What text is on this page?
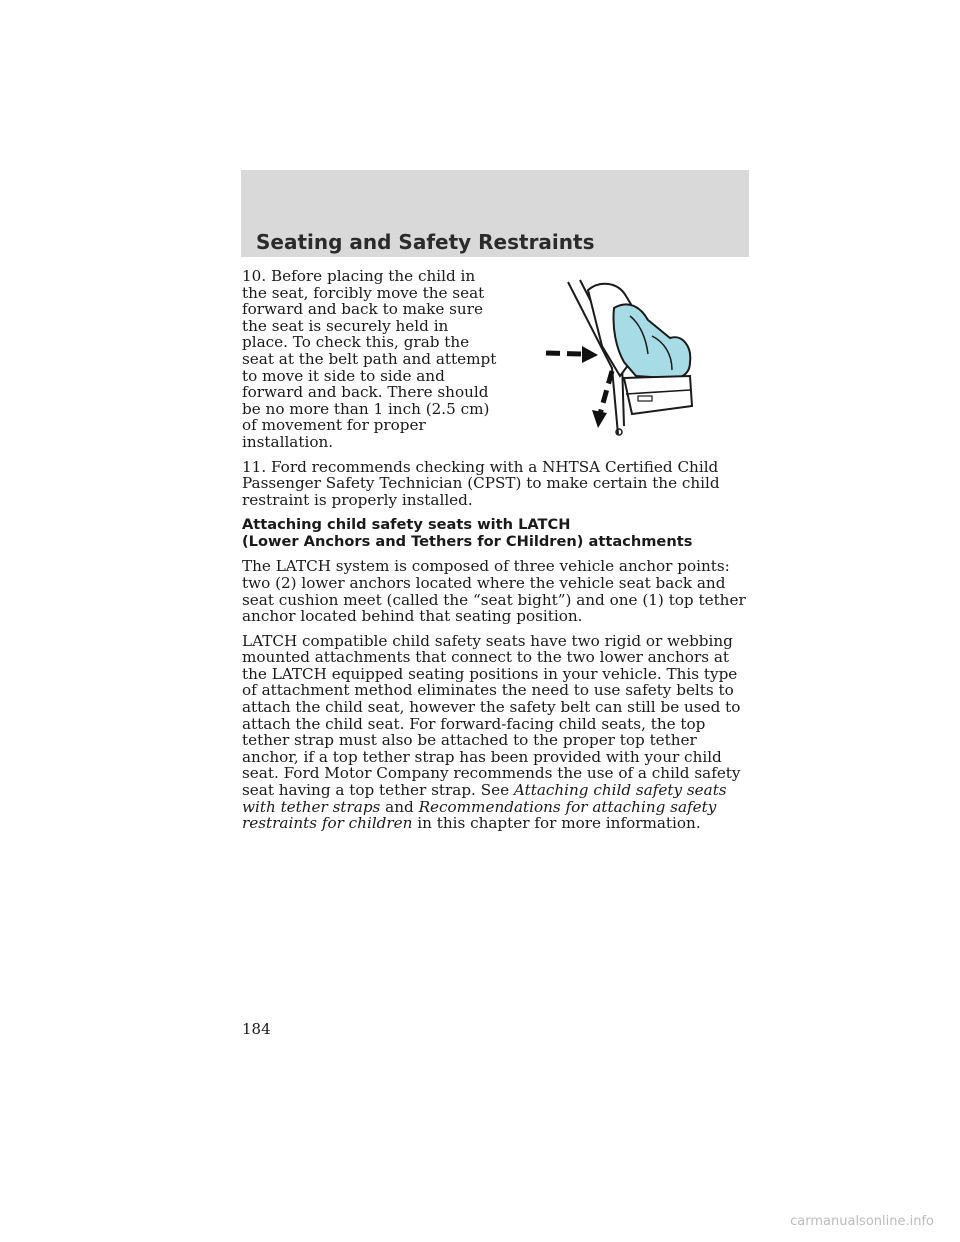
Seating and Safety Restraints

10. Before placing the child in the seat, forcibly move the seat forward and back to make sure the seat is securely held in place. To check this, grab the seat at the belt path and attempt to move it side to side and forward and back. There should be no more than 1 inch (2.5 cm) of movement for proper installation.

11. Ford recommends checking with a NHTSA Certified Child Passenger Safety Technician (CPST) to make certain the child restraint is properly installed.

Attaching child safety seats with LATCH
(Lower Anchors and Tethers for CHildren) attachments

The LATCH system is composed of three vehicle anchor points: two (2) lower anchors located where the vehicle seat back and seat cushion meet (called the “seat bight”) and one (1) top tether anchor located behind that seating position.

LATCH compatible child safety seats have two rigid or webbing mounted attachments that connect to the two lower anchors at the LATCH equipped seating positions in your vehicle. This type of attachment method eliminates the need to use safety belts to attach the child seat, however the safety belt can still be used to attach the child seat. For forward-facing child seats, the top tether strap must also be attached to the proper top tether anchor, if a top tether strap has been provided with your child seat. Ford Motor Company recommends the use of a child safety seat having a top tether strap. See Attaching child safety seats with tether straps and Recommendations for attaching safety restraints for children in this chapter for more information.

184
carmanualsonline.info
